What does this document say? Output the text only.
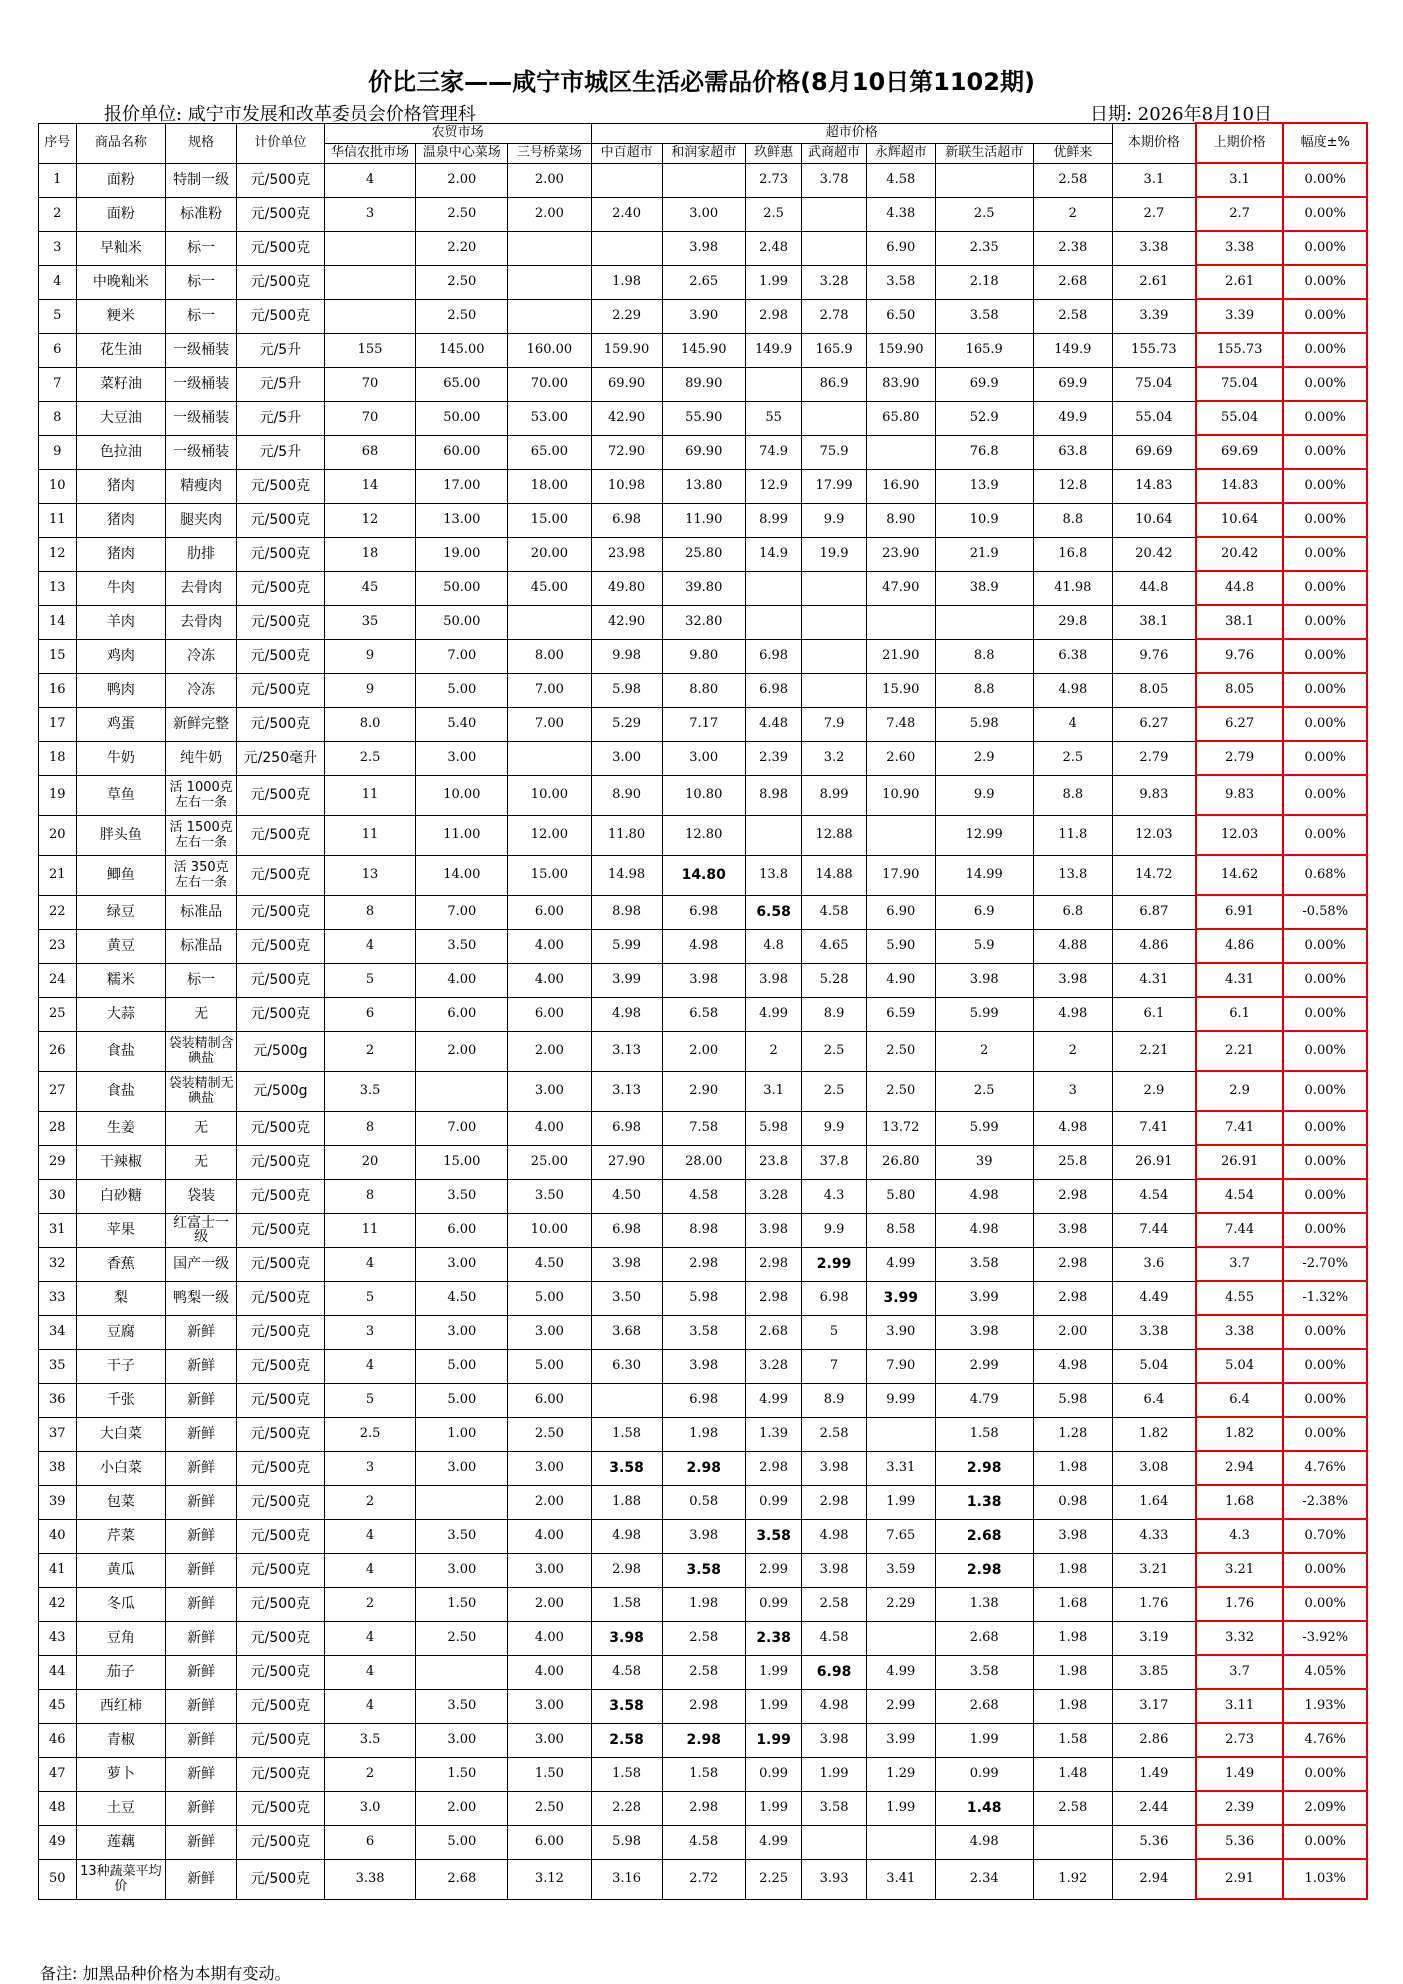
价比三家——咸宁市城区生活必需品价格(8月10日第1102期)
报价单位: 咸宁市发展和改革委员会价格管理科	日期: 2026年8月10日
序号	商品名称	规格	计价单位	农贸市场			超市价格							本期价格	上期价格	幅度±%
				华信农批市场	温泉中心菜场	三号桥菜场	中百超市	和润家超市	玖鲜惠	武商超市	永辉超市	新联生活超市	优鲜来			
1	面粉	特制一级	元/500克	4	2.00	2.00			2.73	3.78	4.58		2.58	3.1	3.1	0.00%
2	面粉	标准粉	元/500克	3	2.50	2.00	2.40	3.00	2.5		4.38	2.5	2	2.7	2.7	0.00%
3	早籼米	标一	元/500克		2.20			3.98	2.48		6.90	2.35	2.38	3.38	3.38	0.00%
4	中晚籼米	标一	元/500克		2.50		1.98	2.65	1.99	3.28	3.58	2.18	2.68	2.61	2.61	0.00%
5	粳米	标一	元/500克		2.50		2.29	3.90	2.98	2.78	6.50	3.58	2.58	3.39	3.39	0.00%
6	花生油	一级桶装	元/5升	155	145.00	160.00	159.90	145.90	149.9	165.9	159.90	165.9	149.9	155.73	155.73	0.00%
7	菜籽油	一级桶装	元/5升	70	65.00	70.00	69.90	89.90		86.9	83.90	69.9	69.9	75.04	75.04	0.00%
8	大豆油	一级桶装	元/5升	70	50.00	53.00	42.90	55.90	55		65.80	52.9	49.9	55.04	55.04	0.00%
9	色拉油	一级桶装	元/5升	68	60.00	65.00	72.90	69.90	74.9	75.9		76.8	63.8	69.69	69.69	0.00%
10	猪肉	精瘦肉	元/500克	14	17.00	18.00	10.98	13.80	12.9	17.99	16.90	13.9	12.8	14.83	14.83	0.00%
11	猪肉	腿夹肉	元/500克	12	13.00	15.00	6.98	11.90	8.99	9.9	8.90	10.9	8.8	10.64	10.64	0.00%
12	猪肉	肋排	元/500克	18	19.00	20.00	23.98	25.80	14.9	19.9	23.90	21.9	16.8	20.42	20.42	0.00%
13	牛肉	去骨肉	元/500克	45	50.00	45.00	49.80	39.80			47.90	38.9	41.98	44.8	44.8	0.00%
14	羊肉	去骨肉	元/500克	35	50.00		42.90	32.80					29.8	38.1	38.1	0.00%
15	鸡肉	冷冻	元/500克	9	7.00	8.00	9.98	9.80	6.98		21.90	8.8	6.38	9.76	9.76	0.00%
16	鸭肉	冷冻	元/500克	9	5.00	7.00	5.98	8.80	6.98		15.90	8.8	4.98	8.05	8.05	0.00%
17	鸡蛋	新鲜完整	元/500克	8.0	5.40	7.00	5.29	7.17	4.48	7.9	7.48	5.98	4	6.27	6.27	0.00%
18	牛奶	纯牛奶	元/250毫升	2.5	3.00		3.00	3.00	2.39	3.2	2.60	2.9	2.5	2.79	2.79	0.00%
19	草鱼	活 1000克左右一条	元/500克	11	10.00	10.00	8.90	10.80	8.98	8.99	10.90	9.9	8.8	9.83	9.83	0.00%
20	胖头鱼	活 1500克左右一条	元/500克	11	11.00	12.00	11.80	12.80		12.88		12.99	11.8	12.03	12.03	0.00%
21	鲫鱼	活 350克左右一条	元/500克	13	14.00	15.00	14.98	14.80	13.8	14.88	17.90	14.99	13.8	14.72	14.62	0.68%
22	绿豆	标准品	元/500克	8	7.00	6.00	8.98	6.98	6.58	4.58	6.90	6.9	6.8	6.87	6.91	-0.58%
23	黄豆	标准品	元/500克	4	3.50	4.00	5.99	4.98	4.8	4.65	5.90	5.9	4.88	4.86	4.86	0.00%
24	糯米	标一	元/500克	5	4.00	4.00	3.99	3.98	3.98	5.28	4.90	3.98	3.98	4.31	4.31	0.00%
25	大蒜	无	元/500克	6	6.00	6.00	4.98	6.58	4.99	8.9	6.59	5.99	4.98	6.1	6.1	0.00%
26	食盐	袋装精制含碘盐	元/500g	2	2.00	2.00	3.13	2.00	2	2.5	2.50	2	2	2.21	2.21	0.00%
27	食盐	袋装精制无碘盐	元/500g	3.5		3.00	3.13	2.90	3.1	2.5	2.50	2.5	3	2.9	2.9	0.00%
28	生姜	无	元/500克	8	7.00	4.00	6.98	7.58	5.98	9.9	13.72	5.99	4.98	7.41	7.41	0.00%
29	干辣椒	无	元/500克	20	15.00	25.00	27.90	28.00	23.8	37.8	26.80	39	25.8	26.91	26.91	0.00%
30	白砂糖	袋装	元/500克	8	3.50	3.50	4.50	4.58	3.28	4.3	5.80	4.98	2.98	4.54	4.54	0.00%
31	苹果	红富士一级	元/500克	11	6.00	10.00	6.98	8.98	3.98	9.9	8.58	4.98	3.98	7.44	7.44	0.00%
32	香蕉	国产一级	元/500克	4	3.00	4.50	3.98	2.98	2.98	2.99	4.99	3.58	2.98	3.6	3.7	-2.70%
33	梨	鸭梨一级	元/500克	5	4.50	5.00	3.50	5.98	2.98	6.98	3.99	3.99	2.98	4.49	4.55	-1.32%
34	豆腐	新鲜	元/500克	3	3.00	3.00	3.68	3.58	2.68	5	3.90	3.98	2.00	3.38	3.38	0.00%
35	干子	新鲜	元/500克	4	5.00	5.00	6.30	3.98	3.28	7	7.90	2.99	4.98	5.04	5.04	0.00%
36	千张	新鲜	元/500克	5	5.00	6.00		6.98	4.99	8.9	9.99	4.79	5.98	6.4	6.4	0.00%
37	大白菜	新鲜	元/500克	2.5	1.00	2.50	1.58	1.98	1.39	2.58		1.58	1.28	1.82	1.82	0.00%
38	小白菜	新鲜	元/500克	3	3.00	3.00	3.58	2.98	2.98	3.98	3.31	2.98	1.98	3.08	2.94	4.76%
39	包菜	新鲜	元/500克	2		2.00	1.88	0.58	0.99	2.98	1.99	1.38	0.98	1.64	1.68	-2.38%
40	芹菜	新鲜	元/500克	4	3.50	4.00	4.98	3.98	3.58	4.98	7.65	2.68	3.98	4.33	4.3	0.70%
41	黄瓜	新鲜	元/500克	4	3.00	3.00	2.98	3.58	2.99	3.98	3.59	2.98	1.98	3.21	3.21	0.00%
42	冬瓜	新鲜	元/500克	2	1.50	2.00	1.58	1.98	0.99	2.58	2.29	1.38	1.68	1.76	1.76	0.00%
43	豆角	新鲜	元/500克	4	2.50	4.00	3.98	2.58	2.38	4.58		2.68	1.98	3.19	3.32	-3.92%
44	茄子	新鲜	元/500克	4		4.00	4.58	2.58	1.99	6.98	4.99	3.58	1.98	3.85	3.7	4.05%
45	西红柿	新鲜	元/500克	4	3.50	3.00	3.58	2.98	1.99	4.98	2.99	2.68	1.98	3.17	3.11	1.93%
46	青椒	新鲜	元/500克	3.5	3.00	3.00	2.58	2.98	1.99	3.98	3.99	1.99	1.58	2.86	2.73	4.76%
47	萝卜	新鲜	元/500克	2	1.50	1.50	1.58	1.58	0.99	1.99	1.29	0.99	1.48	1.49	1.49	0.00%
48	土豆	新鲜	元/500克	3.0	2.00	2.50	2.28	2.98	1.99	3.58	1.99	1.48	2.58	2.44	2.39	2.09%
49	莲藕	新鲜	元/500克	6	5.00	6.00	5.98	4.58	4.99			4.98		5.36	5.36	0.00%
50	13种蔬菜平均价	新鲜	元/500克	3.38	2.68	3.12	3.16	2.72	2.25	3.93	3.41	2.34	1.92	2.94	2.91	1.03%
备注: 加黑品种价格为本期有变动。
